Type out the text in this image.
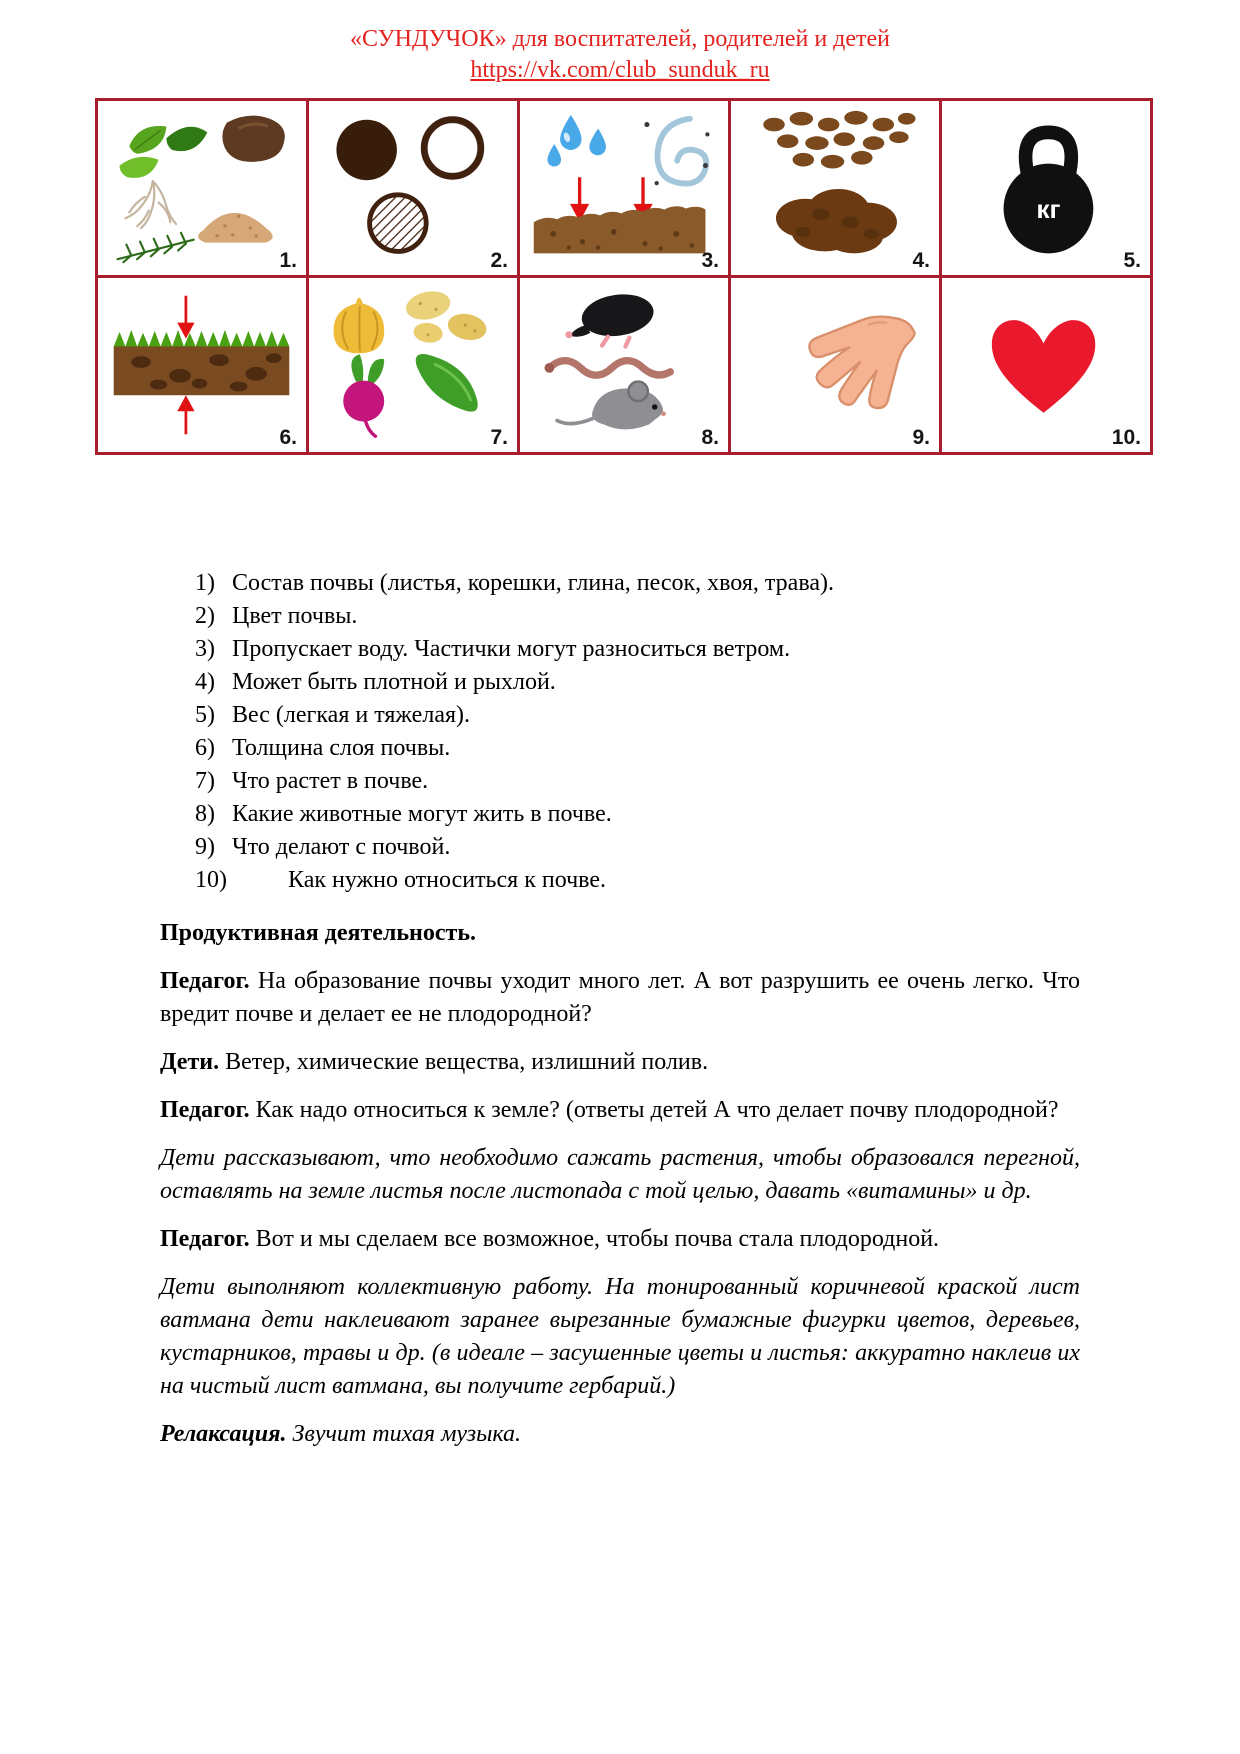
«СУНДУЧОК» для воспитателей, родителей и детей
https://vk.com/club_sunduk_ru
1.	2.	3.	4.	кг
5.

6.	7.	8.	9.	10.
1) Состав почвы (листья, корешки, глина, песок, хвоя, трава).
2) Цвет почвы.
3) Пропускает воду. Частички могут разноситься ветром.
4) Может быть плотной и рыхлой.
5) Вес (легкая и тяжелая).
6) Толщина слоя почвы.
7) Что растет в почве.
8) Какие животные могут жить в почве.
9) Что делают с почвой.
10)	Как нужно относиться к почве.

Продуктивная деятельность.

Педагог. На образование почвы уходит много лет. А вот разрушить ее очень легко. Что вредит почве и делает ее не плодородной?

Дети. Ветер, химические вещества, излишний полив.

Педагог. Как надо относиться к земле? (ответы детей А что делает почву плодородной?

Дети рассказывают, что необходимо сажать растения, чтобы образовался перегной, оставлять на земле листья после листопада с той целью, давать «витамины» и др.

Педагог. Вот и мы сделаем все возможное, чтобы почва стала плодородной.

Дети выполняют коллективную работу. На тонированный коричневой краской лист ватмана дети наклеивают заранее вырезанные бумажные фигурки цветов, деревьев, кустарников, травы и др. (в идеале – засушенные цветы и листья: аккуратно наклеив их на чистый лист ватмана, вы получите гербарий.)

Релаксация. Звучит тихая музыка.
